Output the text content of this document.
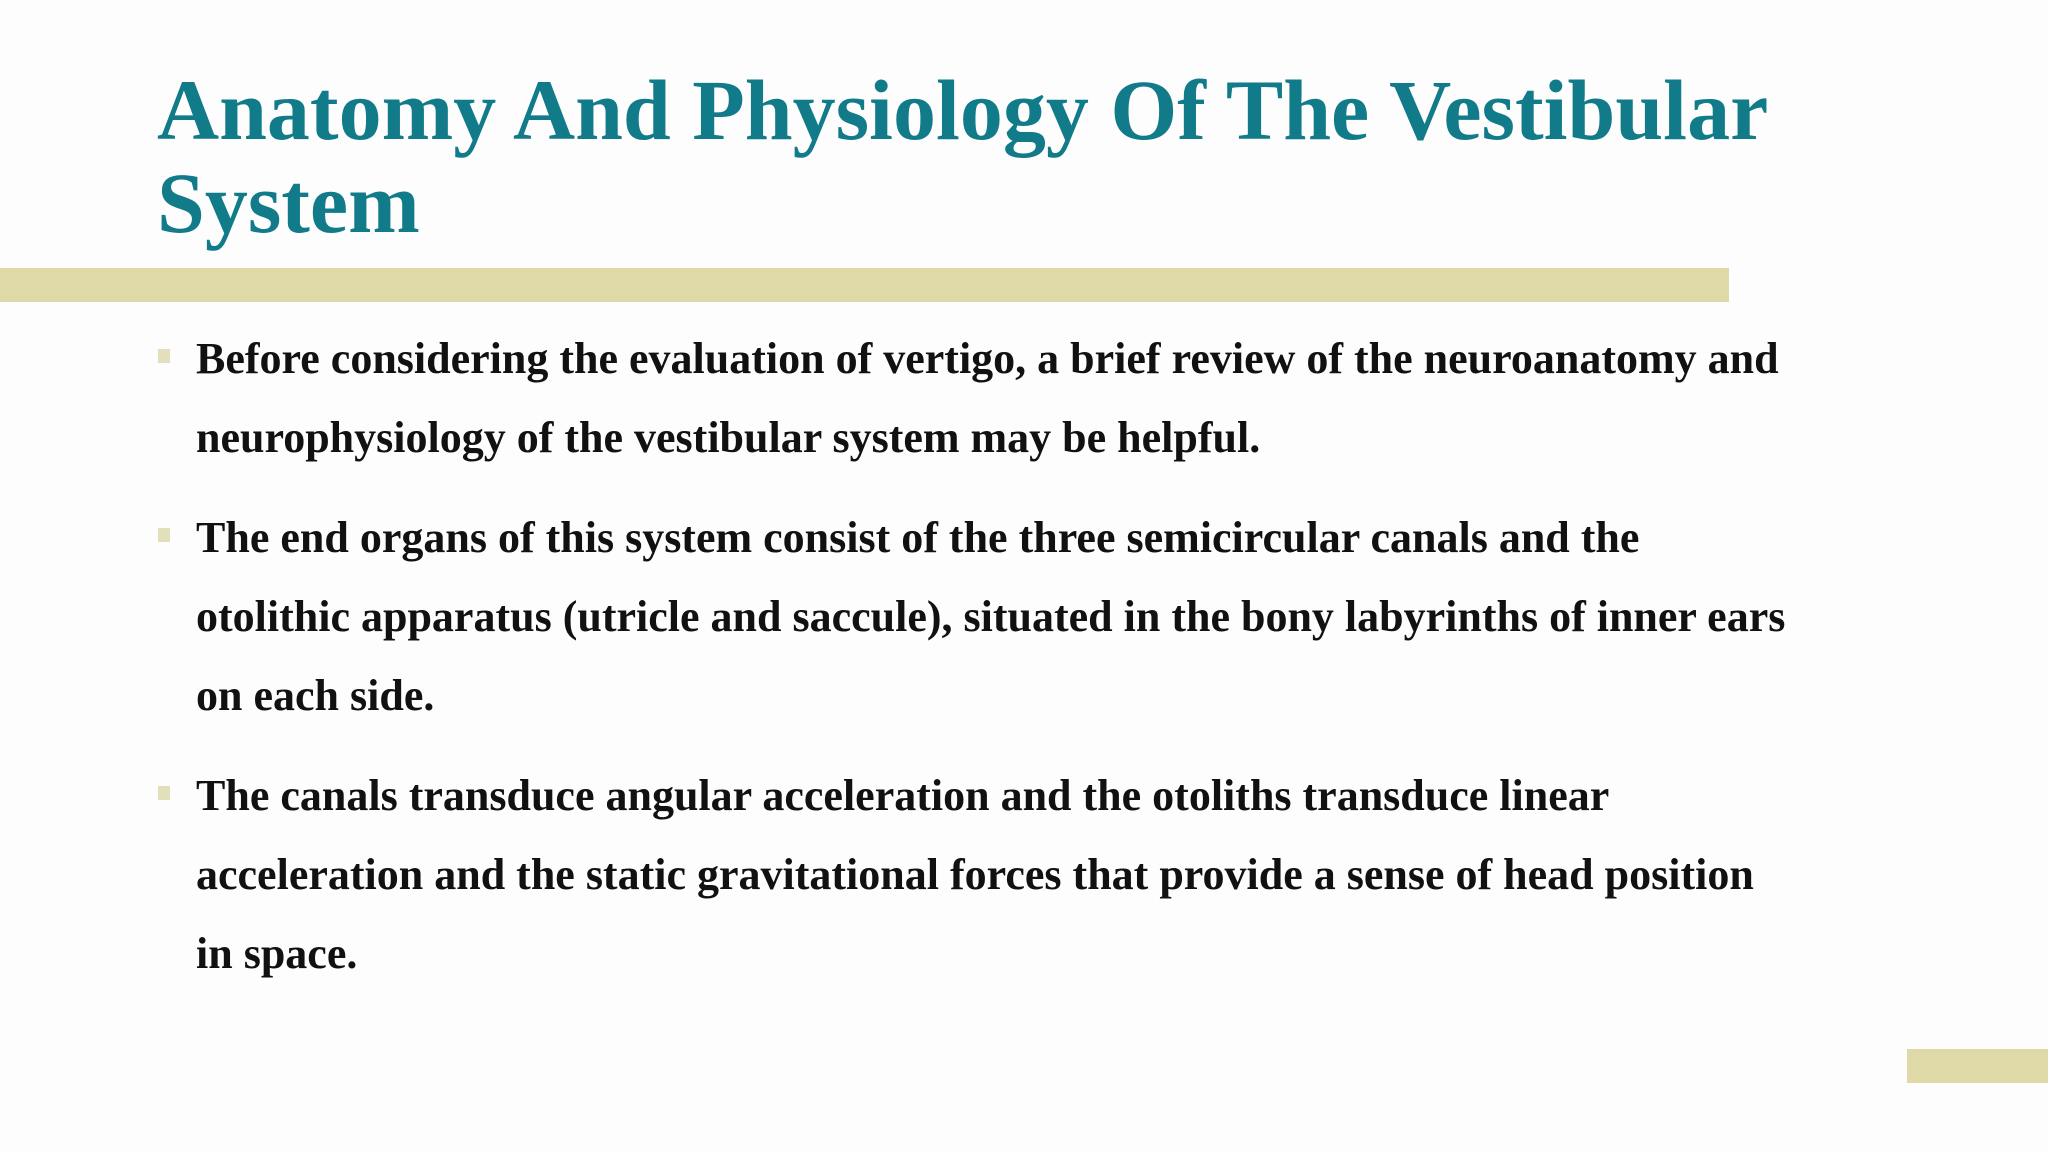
Anatomy And Physiology Of The Vestibular
System

Before considering the evaluation of vertigo, a brief review of the neuroanatomy and
neurophysiology of the vestibular system may be helpful.

The end organs of this system consist of the three semicircular canals and the
otolithic apparatus (utricle and saccule), situated in the bony labyrinths of inner ears
on each side.

The canals transduce angular acceleration and the otoliths transduce linear
acceleration and the static gravitational forces that provide a sense of head position
in space.
